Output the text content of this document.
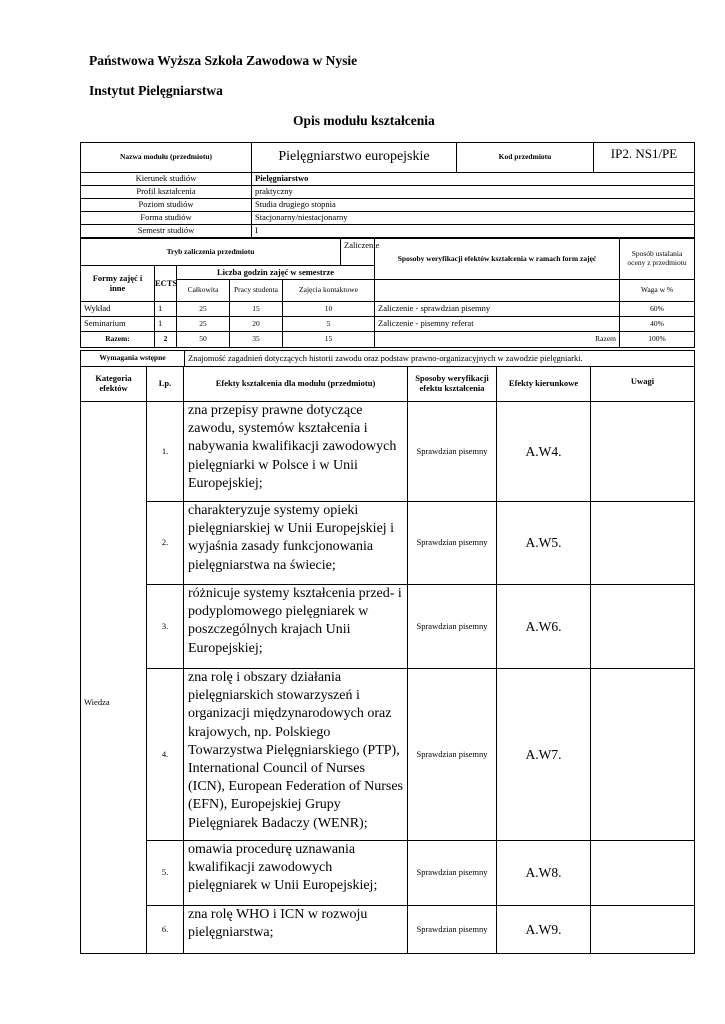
Państwowa Wyższa Szkoła Zawodowa w Nysie
Instytut Pielęgniarstwa
Opis modułu kształcenia
Nazwa modułu (przedmiotu)	Pielęgniarstwo europejskie	Kod przedmiotu	IP2. NS1/PE
Kierunek studiów	Pielęgniarstwo		
Profil kształcenia	praktyczny		
Poziom studiów	Studia drugiego stopnia		
Forma studiów	Stacjonarny/niestacjonarny		
Semestr studiów	I		
Tryb zaliczenia przedmiotu					Zaliczenie	Sposoby weryfikacji efektów kształcenia w ramach form zajęć	Sposób ustalania oceny z przedmiotu
Formy zajęć i inne	ECTS	Liczba godzin zajęć w semestrze					
		Całkowita	Pracy studenta	Zajęcia kontaktowe			Waga w %
Wykład	1	25	15	10		Zaliczenie - sprawdzian pisemny	60%
Seminarium	1	25	20	5		Zaliczenie - pisemny referat	40%
Razem:	2	50	35	15		Razem	100%
Wymagania wstępne	Znajomość zagadnień dotyczących historii zawodu oraz podstaw prawno-organizacyjnych w zawodzie pielęgniarki.
Kategoria efektów	Lp.	Efekty kształcenia dla modułu (przedmiotu)	Sposoby weryfikacji efektu kształcenia	Efekty kierunkowe	Uwagi
Wiedza	1.	zna przepisy prawne dotyczące zawodu, systemów kształcenia i nabywania kwalifikacji zawodowych pielęgniarki w Polsce i w Unii Europejskiej;	Sprawdzian pisemny	A.W4.	
	2.	charakteryzuje systemy opieki pielęgniarskiej w Unii Europejskiej i wyjaśnia zasady funkcjonowania pielęgniarstwa na świecie;	Sprawdzian pisemny	A.W5.	
	3.	różnicuje systemy kształcenia przed- i podyplomowego pielęgniarek w poszczególnych krajach Unii Europejskiej;	Sprawdzian pisemny	A.W6.	
	4.	zna rolę i obszary działania pielęgniarskich stowarzyszeń i organizacji międzynarodowych oraz krajowych, np. Polskiego Towarzystwa Pielęgniarskiego (PTP), International Council of Nurses (ICN), European Federation of Nurses (EFN), Europejskiej Grupy Pielęgniarek Badaczy (WENR);	Sprawdzian pisemny	A.W7.	
	5.	omawia procedurę uznawania kwalifikacji zawodowych pielęgniarek w Unii Europejskiej;	Sprawdzian pisemny	A.W8.	
	6.	zna rolę WHO i ICN w rozwoju pielęgniarstwa;	Sprawdzian pisemny	A.W9.	
